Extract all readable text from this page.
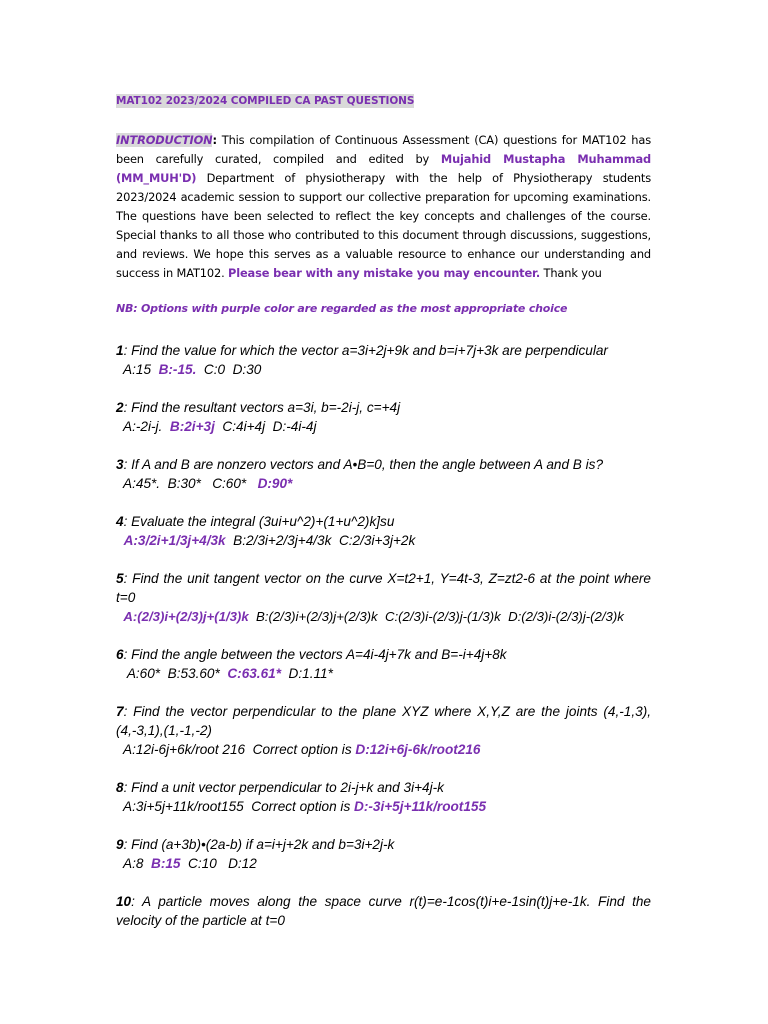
MAT102 2023/2024 COMPILED CA PAST QUESTIONS
INTRODUCTION: This compilation of Continuous Assessment (CA) questions for MAT102 has been carefully curated, compiled and edited by Mujahid Mustapha Muhammad (MM_MUH'D) Department of physiotherapy with the help of Physiotherapy students 2023/2024 academic session to support our collective preparation for upcoming examinations. The questions have been selected to reflect the key concepts and challenges of the course. Special thanks to all those who contributed to this document through discussions, suggestions, and reviews. We hope this serves as a valuable resource to enhance our understanding and success in MAT102. Please bear with any mistake you may encounter. Thank you
NB: Options with purple color are regarded as the most appropriate choice
1: Find the value for which the vector a=3i+2j+9k and b=i+7j+3k are perpendicular
A:15  B:-15.  C:0  D:30
2: Find the resultant vectors a=3i, b=-2i-j, c=+4j
A:-2i-j.  B:2i+3j  C:4i+4j  D:-4i-4j
3: If A and B are nonzero vectors and A•B=0, then the angle between A and B is?
A:45*.  B:30*   C:60*   D:90*
4: Evaluate the integral (3ui+u^2)+(1+u^2)k]su
A:3/2i+1/3j+4/3k  B:2/3i+2/3j+4/3k  C:2/3i+3j+2k
5: Find the unit tangent vector on the curve X=t2+1, Y=4t-3, Z=zt2-6 at the point where t=0
A:(2/3)i+(2/3)j+(1/3)k  B:(2/3)i+(2/3)j+(2/3)k  C:(2/3)i-(2/3)j-(1/3)k  D:(2/3)i-(2/3)j-(2/3)k
6: Find the angle between the vectors A=4i-4j+7k and B=-i+4j+8k
A:60*  B:53.60*  C:63.61*  D:1.11*
7: Find the vector perpendicular to the plane XYZ where X,Y,Z are the joints (4,-1,3),(4,-3,1),(1,-1,-2)
A:12i-6j+6k/root 216  Correct option is D:12i+6j-6k/root216
8: Find a unit vector perpendicular to 2i-j+k and 3i+4j-k
A:3i+5j+11k/root155  Correct option is D:-3i+5j+11k/root155
9: Find (a+3b)•(2a-b) if a=i+j+2k and b=3i+2j-k
A:8  B:15  C:10   D:12
10: A particle moves along the space curve r(t)=e-1cos(t)i+e-1sin(t)j+e-1k. Find the velocity of the particle at t=0
